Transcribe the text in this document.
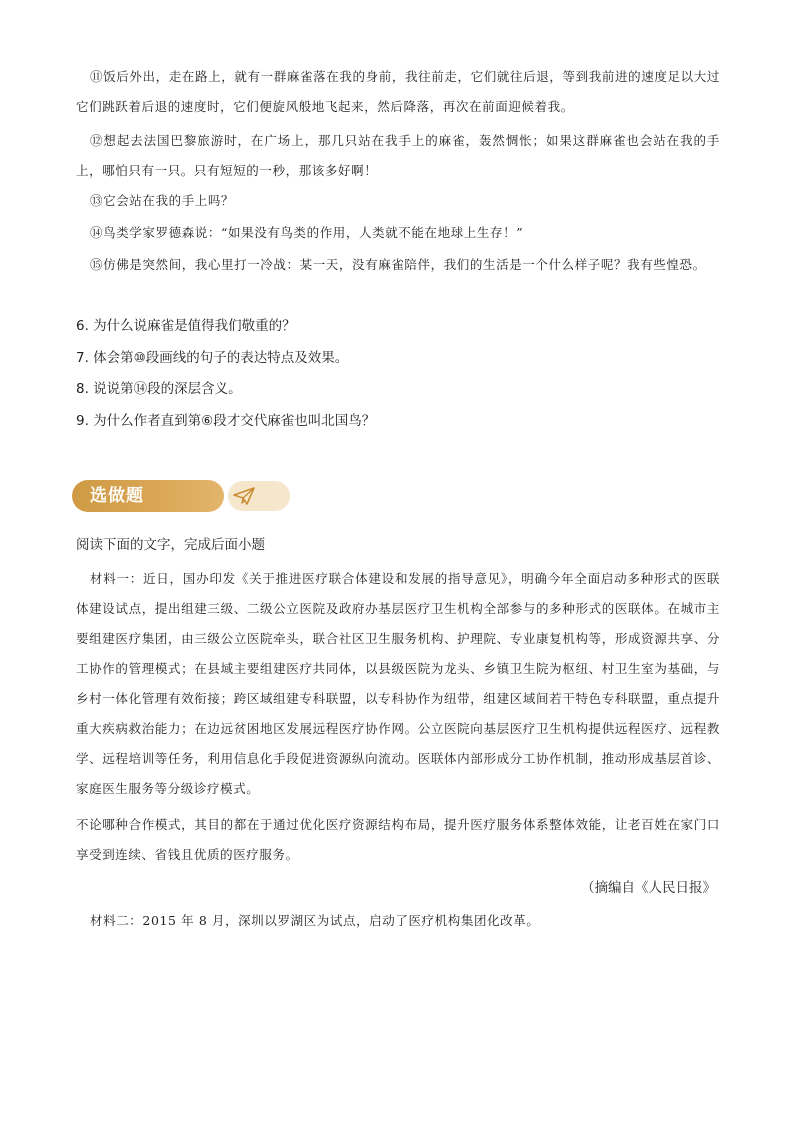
⑪饭后外出，走在路上，就有一群麻雀落在我的身前，我往前走，它们就往后退，等到我前进的速度足以大过它们跳跃着后退的速度时，它们便旋风般地飞起来，然后降落，再次在前面迎候着我。

⑫想起去法国巴黎旅游时，在广场上，那几只站在我手上的麻雀，轰然惆怅；如果这群麻雀也会站在我的手上，哪怕只有一只。只有短短的一秒，那该多好啊！

⑬它会站在我的手上吗？

⑭鸟类学家罗德森说：“如果没有鸟类的作用，人类就不能在地球上生存！”

⑮仿佛是突然间，我心里打一冷战：某一天，没有麻雀陪伴，我们的生活是一个什么样子呢？我有些惶恐。

6. 为什么说麻雀是值得我们敬重的？

7. 体会第⑩段画线的句子的表达特点及效果。

8. 说说第⑭段的深层含义。

9. 为什么作者直到第⑥段才交代麻雀也叫北国鸟？

选做题

阅读下面的文字，完成后面小题

材料一：近日，国办印发《关于推进医疗联合体建设和发展的指导意见》，明确今年全面启动多种形式的医联体建设试点，提出组建三级、二级公立医院及政府办基层医疗卫生机构全部参与的多种形式的医联体。在城市主要组建医疗集团，由三级公立医院牵头，联合社区卫生服务机构、护理院、专业康复机构等，形成资源共享、分工协作的管理模式；在县域主要组建医疗共同体，以县级医院为龙头、乡镇卫生院为枢纽、村卫生室为基础，与乡村一体化管理有效衔接；跨区域组建专科联盟，以专科协作为纽带，组建区域间若干特色专科联盟，重点提升重大疾病救治能力；在边远贫困地区发展远程医疗协作网。公立医院向基层医疗卫生机构提供远程医疗、远程教学、远程培训等任务，利用信息化手段促进资源纵向流动。医联体内部形成分工协作机制，推动形成基层首诊、家庭医生服务等分级诊疗模式。

不论哪种合作模式，其目的都在于通过优化医疗资源结构布局，提升医疗服务体系整体效能，让老百姓在家门口享受到连续、省钱且优质的医疗服务。

（摘编自《人民日报》

材料二：2015 年 8 月，深圳以罗湖区为试点，启动了医疗机构集团化改革。
